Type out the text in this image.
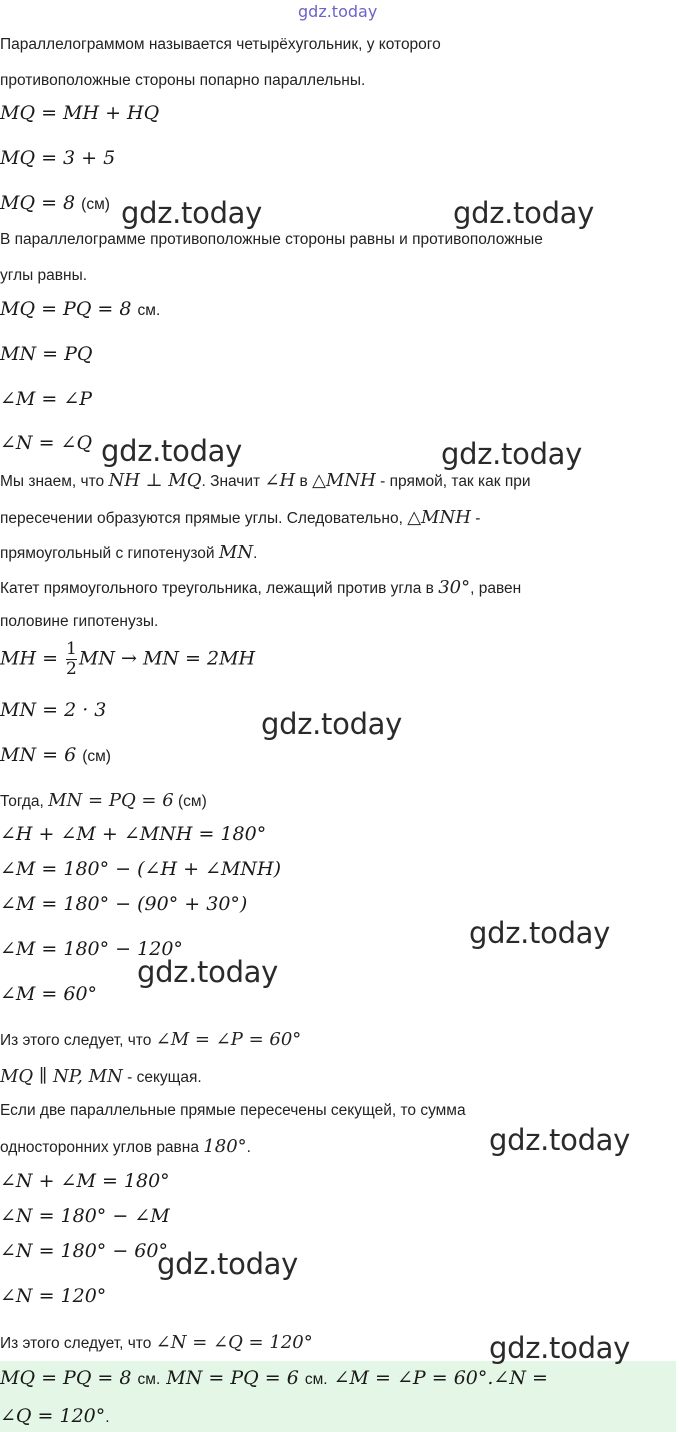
gdz.today

Параллелограммом называется четырёхугольник, у которого

противоположные стороны попарно параллельны.

MQ = MH + HQ

MQ = 3 + 5

MQ = 8 (см)

В параллелограмме противоположные стороны равны и противоположные

углы равны.

MQ = PQ = 8 см.

MN = PQ

∠M = ∠P

∠N = ∠Q

Мы знаем, что NH ⊥ MQ. Значит ∠H в △MNH - прямой, так как при

пересечении образуются прямые углы. Следовательно, △MNH -

прямоугольный с гипотенузой MN.

Катет прямоугольного треугольника, лежащий против угла в 30°, равен

половине гипотенузы.

MH = $\frac{1}{2}$ MN → MN = 2MH

MN = 2 · 3

MN = 6 (см)

Тогда, MN = PQ = 6 (см)

∠H + ∠M + ∠MNH = 180°

∠M = 180° − (∠H + ∠MNH)

∠M = 180° − (90° + 30°)

∠M = 180° − 120°

∠M = 60°

Из этого следует, что ∠M = ∠P = 60°

MQ ∥ NP, MN - секущая.

Если две параллельные прямые пересечены секущей, то сумма

односторонних углов равна 180°.

∠N + ∠M = 180°

∠N = 180° − ∠M

∠N = 180° − 60°

∠N = 120°

Из этого следует, что ∠N = ∠Q = 120°

MQ = PQ = 8 см. MN = PQ = 6 см. ∠M = ∠P = 60°.∠N =

∠Q = 120°.

gdz.today	gdz.today
gdz.today	gdz.today
gdz.today
gdz.today
gdz.today
gdz.today
gdz.today
gdz.today
